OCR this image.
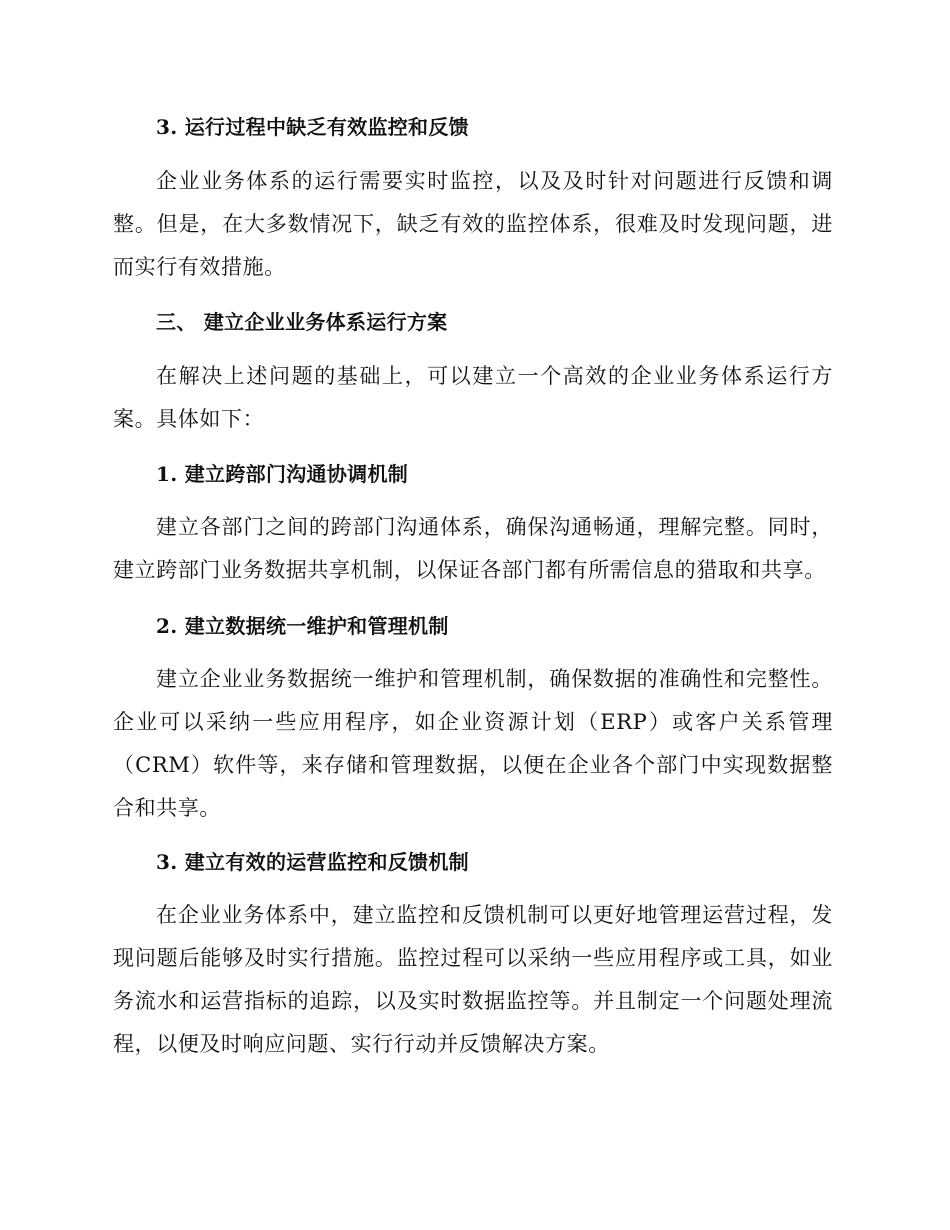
3. 运行过程中缺乏有效监控和反馈

企业业务体系的运行需要实时监控，以及及时针对问题进行反馈和调整。但是，在大多数情况下，缺乏有效的监控体系，很难及时发现问题，进而实行有效措施。

三、 建立企业业务体系运行方案

在解决上述问题的基础上，可以建立一个高效的企业业务体系运行方案。具体如下：

1. 建立跨部门沟通协调机制

建立各部门之间的跨部门沟通体系，确保沟通畅通，理解完整。同时，建立跨部门业务数据共享机制，以保证各部门都有所需信息的猎取和共享。

2. 建立数据统一维护和管理机制

建立企业业务数据统一维护和管理机制，确保数据的准确性和完整性。企业可以采纳一些应用程序，如企业资源计划（ERP）或客户关系管理（CRM）软件等，来存储和管理数据，以便在企业各个部门中实现数据整合和共享。

3. 建立有效的运营监控和反馈机制

在企业业务体系中，建立监控和反馈机制可以更好地管理运营过程，发现问题后能够及时实行措施。监控过程可以采纳一些应用程序或工具，如业务流水和运营指标的追踪，以及实时数据监控等。并且制定一个问题处理流程，以便及时响应问题、实行行动并反馈解决方案。
